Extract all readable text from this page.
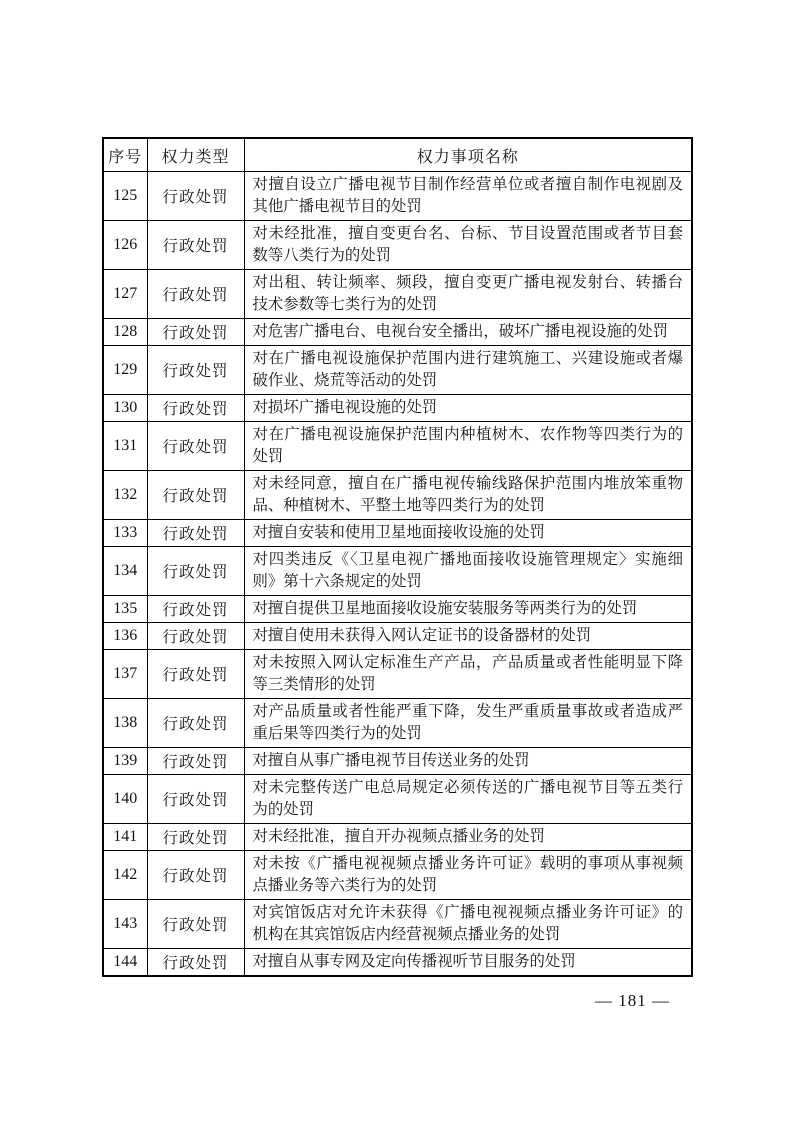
序号	权力类型	权力事项名称
125	行政处罚	对擅自设立广播电视节目制作经营单位或者擅自制作电视剧及其他广播电视节目的处罚
126	行政处罚	对未经批准，擅自变更台名、台标、节目设置范围或者节目套数等八类行为的处罚
127	行政处罚	对出租、转让频率、频段，擅自变更广播电视发射台、转播台技术参数等七类行为的处罚
128	行政处罚	对危害广播电台、电视台安全播出，破坏广播电视设施的处罚
129	行政处罚	对在广播电视设施保护范围内进行建筑施工、兴建设施或者爆破作业、烧荒等活动的处罚
130	行政处罚	对损坏广播电视设施的处罚
131	行政处罚	对在广播电视设施保护范围内种植树木、农作物等四类行为的处罚
132	行政处罚	对未经同意，擅自在广播电视传输线路保护范围内堆放笨重物品、种植树木、平整土地等四类行为的处罚
133	行政处罚	对擅自安装和使用卫星地面接收设施的处罚
134	行政处罚	对四类违反《〈卫星电视广播地面接收设施管理规定〉实施细则》第十六条规定的处罚
135	行政处罚	对擅自提供卫星地面接收设施安装服务等两类行为的处罚
136	行政处罚	对擅自使用未获得入网认定证书的设备器材的处罚
137	行政处罚	对未按照入网认定标准生产产品，产品质量或者性能明显下降等三类情形的处罚
138	行政处罚	对产品质量或者性能严重下降，发生严重质量事故或者造成严重后果等四类行为的处罚
139	行政处罚	对擅自从事广播电视节目传送业务的处罚
140	行政处罚	对未完整传送广电总局规定必须传送的广播电视节目等五类行为的处罚
141	行政处罚	对未经批准，擅自开办视频点播业务的处罚
142	行政处罚	对未按《广播电视视频点播业务许可证》载明的事项从事视频点播业务等六类行为的处罚
143	行政处罚	对宾馆饭店对允许未获得《广播电视视频点播业务许可证》的机构在其宾馆饭店内经营视频点播业务的处罚
144	行政处罚	对擅自从事专网及定向传播视听节目服务的处罚
— 181 —
